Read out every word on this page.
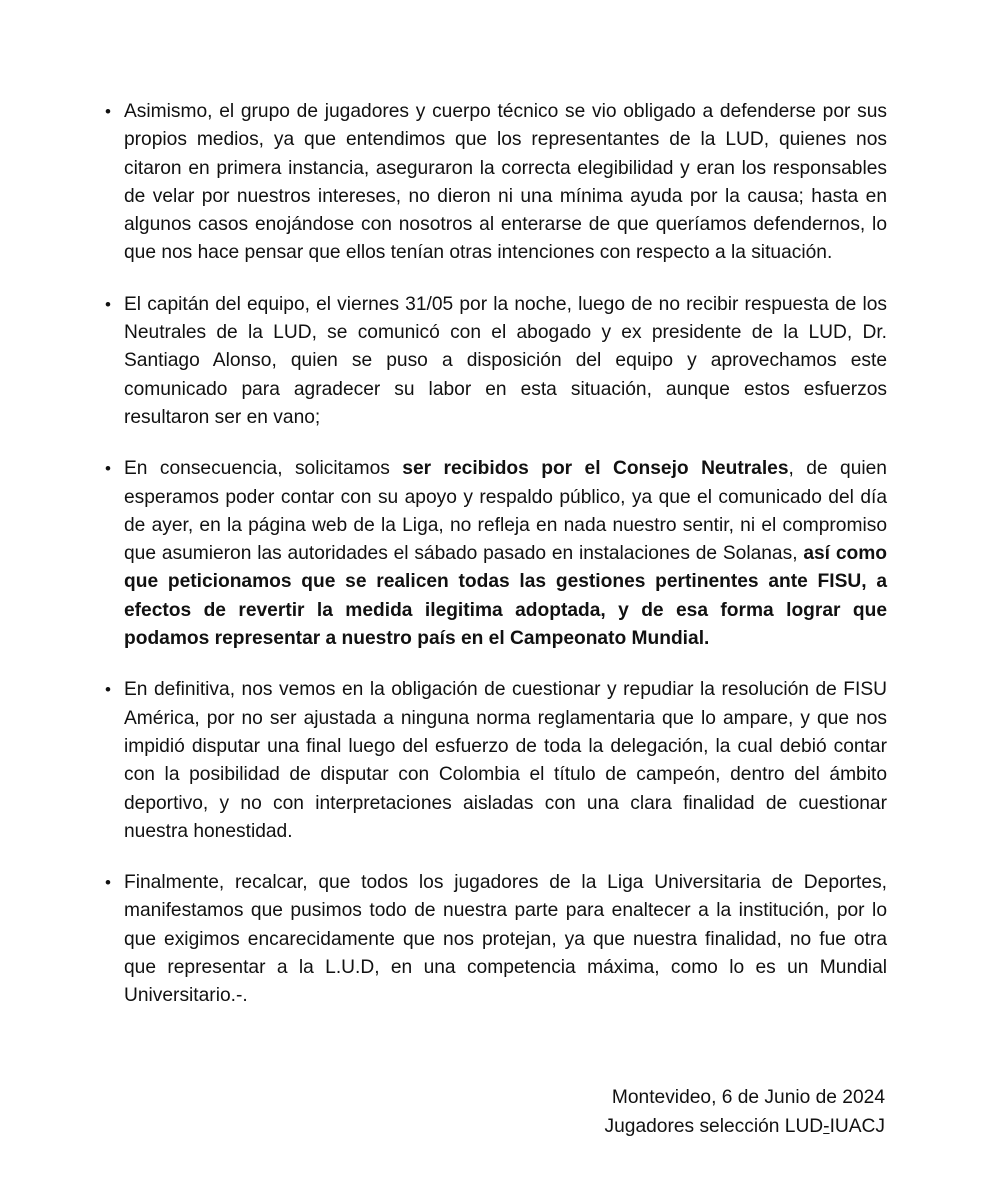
• Asimismo, el grupo de jugadores y cuerpo técnico se vio obligado a defenderse por sus propios medios, ya que entendimos que los representantes de la LUD, quienes nos citaron en primera instancia, aseguraron la correcta elegibilidad y eran los responsables de velar por nuestros intereses, no dieron ni una mínima ayuda por la causa; hasta en algunos casos enojándose con nosotros al enterarse de que queríamos defendernos, lo que nos hace pensar que ellos tenían otras intenciones con respecto a la situación.
• El capitán del equipo, el viernes 31/05 por la noche, luego de no recibir respuesta de los Neutrales de la LUD, se comunicó con el abogado y ex presidente de la LUD, Dr. Santiago Alonso, quien se puso a disposición del equipo y aprovechamos este comunicado para agradecer su labor en esta situación, aunque estos esfuerzos resultaron ser en vano;
• En consecuencia, solicitamos ser recibidos por el Consejo Neutrales, de quien esperamos poder contar con su apoyo y respaldo público, ya que el comunicado del día de ayer, en la página web de la Liga, no refleja en nada nuestro sentir, ni el compromiso que asumieron las autoridades el sábado pasado en instalaciones de Solanas, así como que peticionamos que se realicen todas las gestiones pertinentes ante FISU, a efectos de revertir la medida ilegitima adoptada, y de esa forma lograr que podamos representar a nuestro país en el Campeonato Mundial.
• En definitiva, nos vemos en la obligación de cuestionar y repudiar la resolución de FISU América, por no ser ajustada a ninguna norma reglamentaria que lo ampare, y que nos impidió disputar una final luego del esfuerzo de toda la delegación, la cual debió contar con la posibilidad de disputar con Colombia el título de campeón, dentro del ámbito deportivo, y no con interpretaciones aisladas con una clara finalidad de cuestionar nuestra honestidad.
• Finalmente, recalcar, que todos los jugadores de la Liga Universitaria de Deportes, manifestamos que pusimos todo de nuestra parte para enaltecer a la institución, por lo que exigimos encarecidamente que nos protejan, ya que nuestra finalidad, no fue otra que representar a la L.U.D, en una competencia máxima, como lo es un Mundial Universitario.-.
Montevideo, 6 de Junio de 2024
Jugadores selección LUD-IUACJ
